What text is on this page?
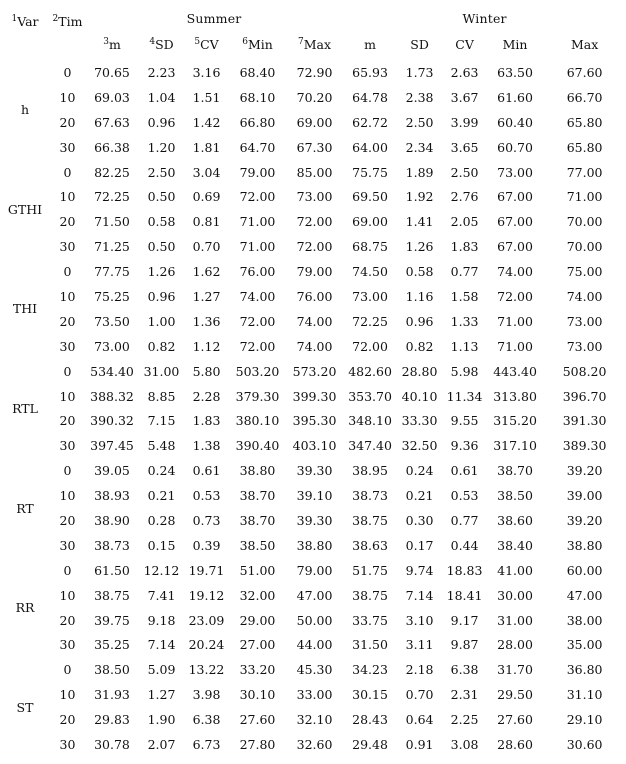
$^1$Var	$^2$Tim	Summer					Winter				
		$^3$m	$^4$SD	$^5$CV	$^6$Min	$^7$Max	m	SD	CV	Min	Max
h	0	70.65	2.23	3.16	68.40	72.90	65.93	1.73	2.63	63.50	67.60
	10	69.03	1.04	1.51	68.10	70.20	64.78	2.38	3.67	61.60	66.70
	20	67.63	0.96	1.42	66.80	69.00	62.72	2.50	3.99	60.40	65.80
	30	66.38	1.20	1.81	64.70	67.30	64.00	2.34	3.65	60.70	65.80
GTHI	0	82.25	2.50	3.04	79.00	85.00	75.75	1.89	2.50	73.00	77.00
	10	72.25	0.50	0.69	72.00	73.00	69.50	1.92	2.76	67.00	71.00
	20	71.50	0.58	0.81	71.00	72.00	69.00	1.41	2.05	67.00	70.00
	30	71.25	0.50	0.70	71.00	72.00	68.75	1.26	1.83	67.00	70.00
THI	0	77.75	1.26	1.62	76.00	79.00	74.50	0.58	0.77	74.00	75.00
	10	75.25	0.96	1.27	74.00	76.00	73.00	1.16	1.58	72.00	74.00
	20	73.50	1.00	1.36	72.00	74.00	72.25	0.96	1.33	71.00	73.00
	30	73.00	0.82	1.12	72.00	74.00	72.00	0.82	1.13	71.00	73.00
RTL	0	534.40	31.00	5.80	503.20	573.20	482.60	28.80	5.98	443.40	508.20
	10	388.32	8.85	2.28	379.30	399.30	353.70	40.10	11.34	313.80	396.70
	20	390.32	7.15	1.83	380.10	395.30	348.10	33.30	9.55	315.20	391.30
	30	397.45	5.48	1.38	390.40	403.10	347.40	32.50	9.36	317.10	389.30
RT	0	39.05	0.24	0.61	38.80	39.30	38.95	0.24	0.61	38.70	39.20
	10	38.93	0.21	0.53	38.70	39.10	38.73	0.21	0.53	38.50	39.00
	20	38.90	0.28	0.73	38.70	39.30	38.75	0.30	0.77	38.60	39.20
	30	38.73	0.15	0.39	38.50	38.80	38.63	0.17	0.44	38.40	38.80
RR	0	61.50	12.12	19.71	51.00	79.00	51.75	9.74	18.83	41.00	60.00
	10	38.75	7.41	19.12	32.00	47.00	38.75	7.14	18.41	30.00	47.00
	20	39.75	9.18	23.09	29.00	50.00	33.75	3.10	9.17	31.00	38.00
	30	35.25	7.14	20.24	27.00	44.00	31.50	3.11	9.87	28.00	35.00
ST	0	38.50	5.09	13.22	33.20	45.30	34.23	2.18	6.38	31.70	36.80
	10	31.93	1.27	3.98	30.10	33.00	30.15	0.70	2.31	29.50	31.10
	20	29.83	1.90	6.38	27.60	32.10	28.43	0.64	2.25	27.60	29.10
	30	30.78	2.07	6.73	27.80	32.60	29.48	0.91	3.08	28.60	30.60
